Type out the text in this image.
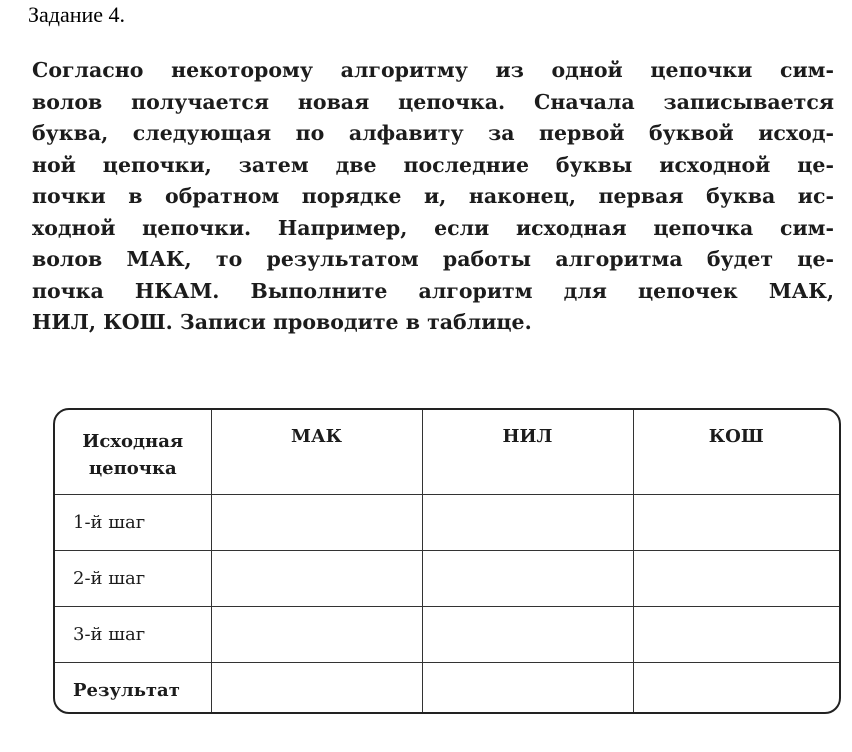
Задание 4.

Согласно некоторому алгоритму из одной цепочки сим-
волов получается новая цепочка. Сначала записывается
буква, следующая по алфавиту за первой буквой исход-
ной цепочки, затем две последние буквы исходной це-
почки в обратном порядке и, наконец, первая буква ис-
ходной цепочки. Например, если исходная цепочка сим-
волов МАК, то результатом работы алгоритма будет це-
почка НКАМ. Выполните алгоритм для цепочек МАК,
НИЛ, КОШ. Записи проводите в таблице.

Исходная
цепочка	МАК	НИЛ	КОШ
1-й шаг			
2-й шаг			
3-й шаг			
Результат			
